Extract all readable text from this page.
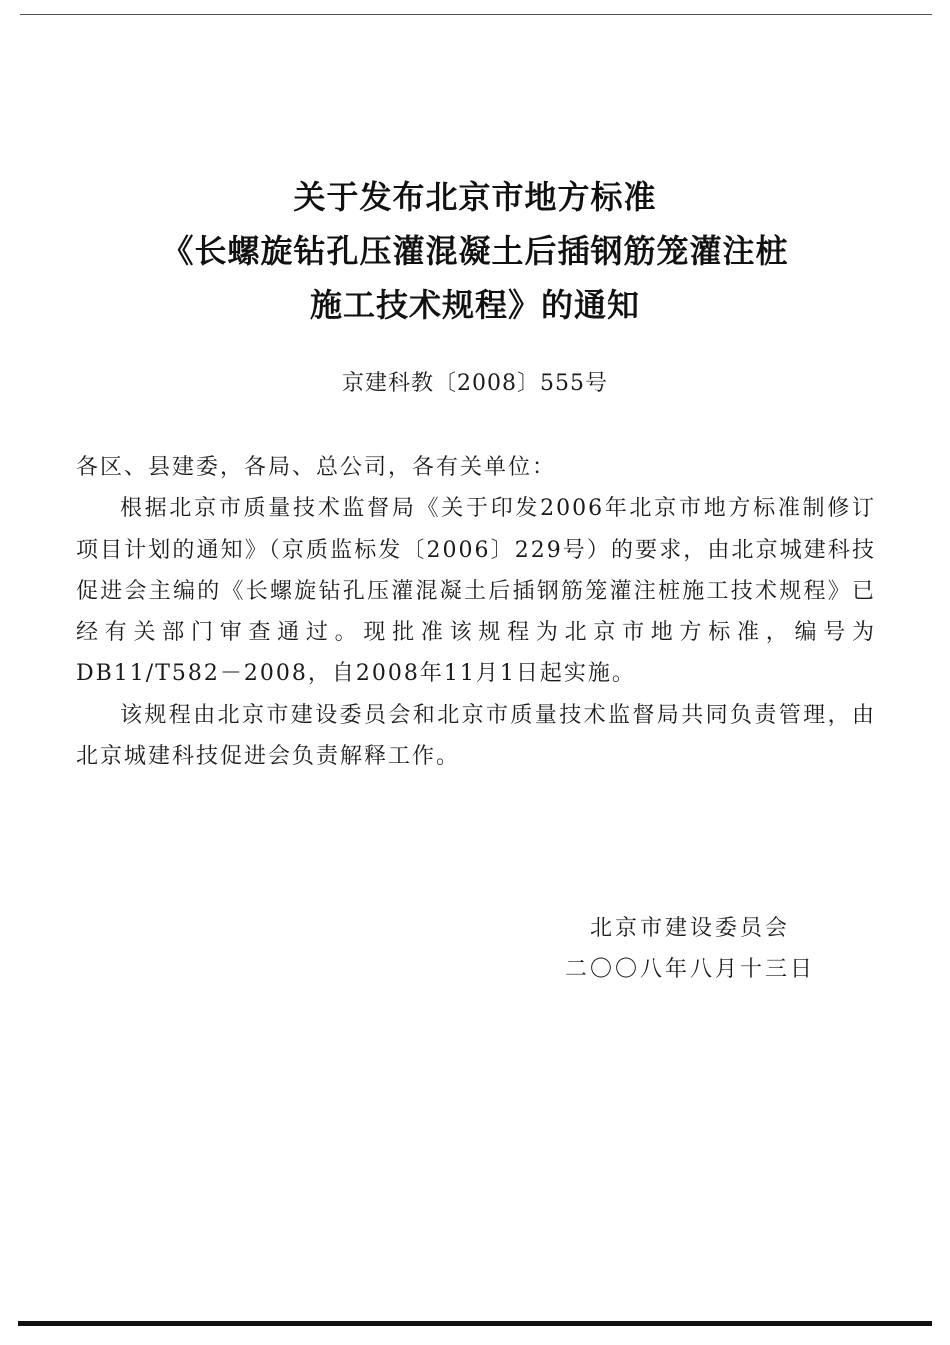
关于发布北京市地方标准
《长螺旋钻孔压灌混凝土后插钢筋笼灌注桩
施工技术规程》的通知
京建科教〔2008〕555号

各区、县建委，各局、总公司，各有关单位：

根据北京市质量技术监督局《关于印发2006年北京市地方标准制修订项目计划的通知》（京质监标发〔2006〕229号）的要求，由北京城建科技促进会主编的《长螺旋钻孔压灌混凝土后插钢筋笼灌注桩施工技术规程》已经有关部门审查通过。现批准该规程为北京市地方标准，编号为DB11/T582－2008，自2008年11月1日起实施。

该规程由北京市建设委员会和北京市质量技术监督局共同负责管理，由北京城建科技促进会负责解释工作。

北京市建设委员会
二〇〇八年八月十三日
